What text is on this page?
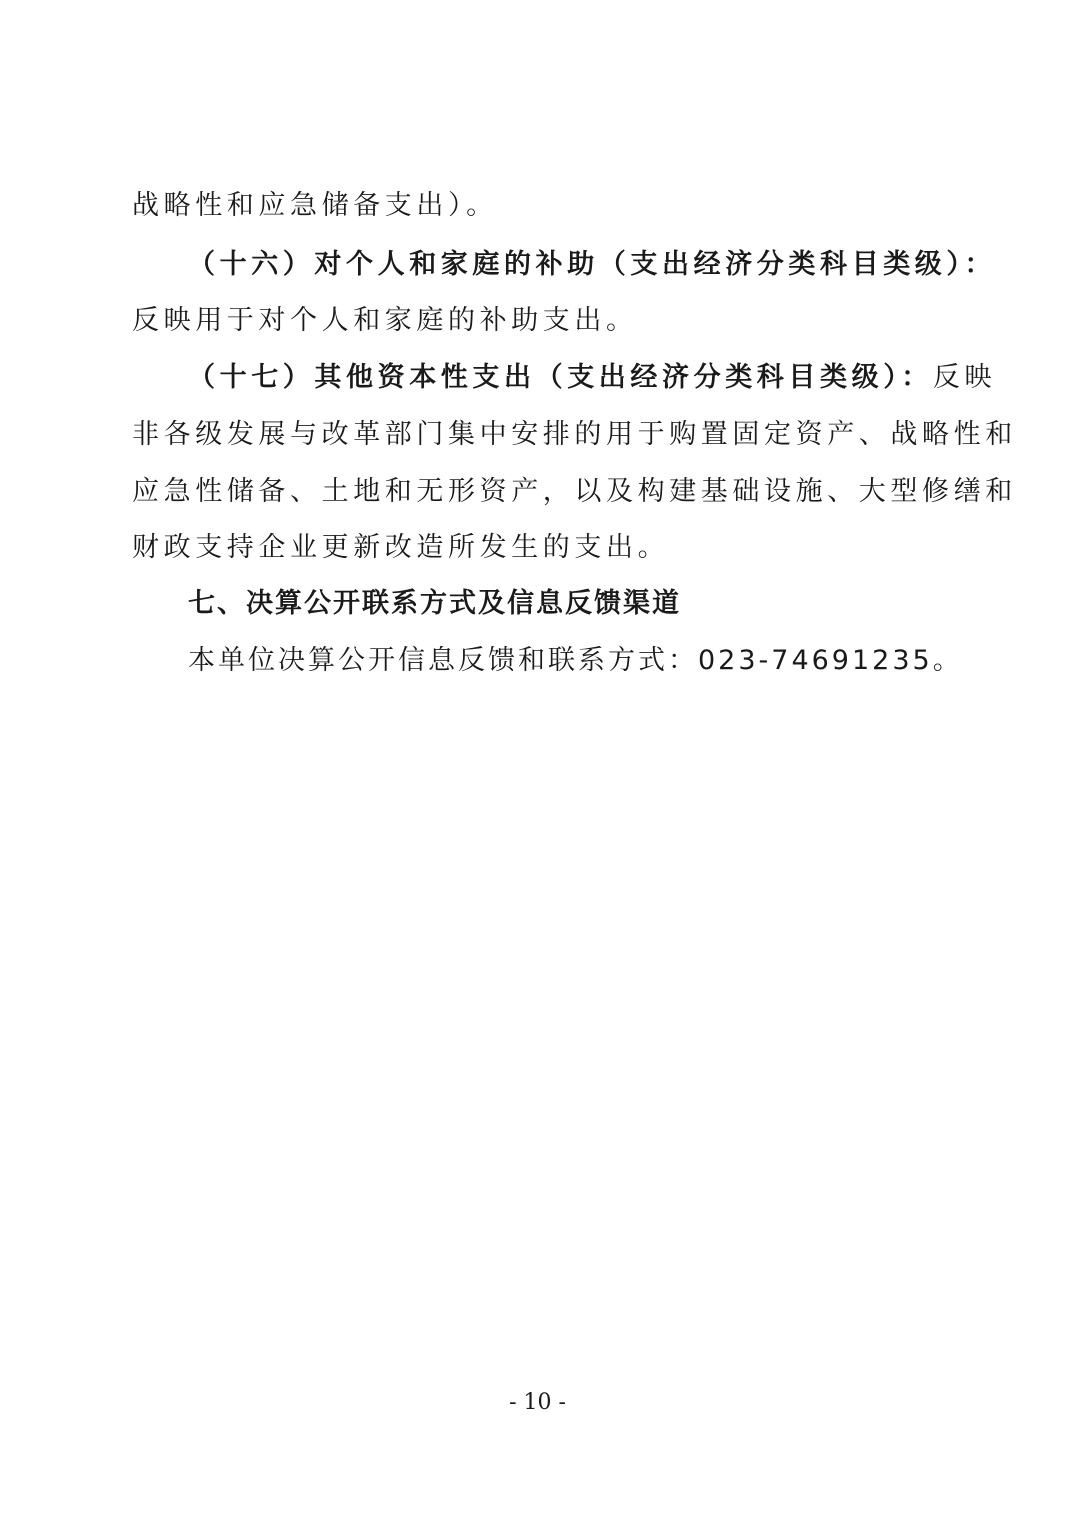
战略性和应急储备支出）。
（十六）对个人和家庭的补助（支出经济分类科目类级）：
反映用于对个人和家庭的补助支出。
（十七）其他资本性支出（支出经济分类科目类级）：反映
非各级发展与改革部门集中安排的用于购置固定资产、战略性和
应急性储备、土地和无形资产，以及构建基础设施、大型修缮和
财政支持企业更新改造所发生的支出。
七、决算公开联系方式及信息反馈渠道
本单位决算公开信息反馈和联系方式：023-74691235。
- 10 -
